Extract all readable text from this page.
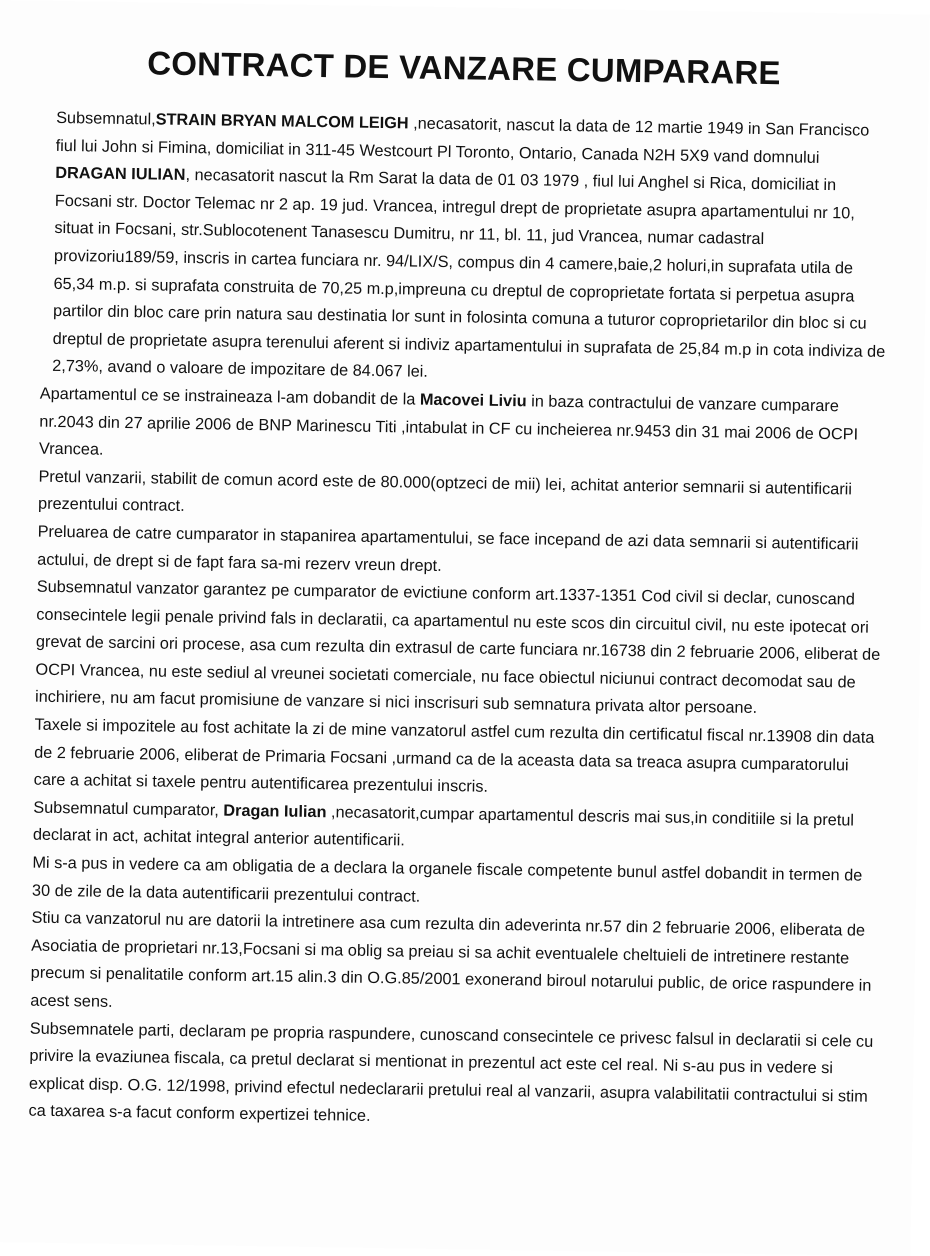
CONTRACT DE VANZARE CUMPARARE

Subsemnatul,STRAIN BRYAN MALCOM LEIGH ,necasatorit, nascut la data de 12 martie 1949 in San Francisco fiul lui John si Fimina, domiciliat in 311-45 Westcourt Pl Toronto, Ontario, Canada N2H 5X9 vand domnului DRAGAN IULIAN, necasatorit nascut la Rm Sarat la data de 01 03 1979 , fiul lui Anghel si Rica, domiciliat in Focsani str. Doctor Telemac nr 2 ap. 19 jud. Vrancea, intregul drept de proprietate asupra apartamentului nr 10, situat in Focsani, str.Sublocotenent Tanasescu Dumitru, nr 11, bl. 11, jud Vrancea, numar cadastral provizoriu189/59, inscris in cartea funciara nr. 94/LIX/S, compus din 4 camere,baie,2 holuri,in suprafata utila de 65,34 m.p. si suprafata construita de 70,25 m.p,impreuna cu dreptul de coproprietate fortata si perpetua asupra partilor din bloc care prin natura sau destinatia lor sunt in folosinta comuna a tuturor coproprietarilor din bloc si cu dreptul de proprietate asupra terenului aferent si indiviz apartamentului in suprafata de 25,84 m.p in cota indiviza de 2,73%, avand o valoare de impozitare de 84.067 lei.

Apartamentul ce se instraineaza l-am dobandit de la Macovei Liviu in baza contractului de vanzare cumparare nr.2043 din 27 aprilie 2006 de BNP Marinescu Titi ,intabulat in CF cu incheierea nr.9453 din 31 mai 2006 de OCPI Vrancea.

Pretul vanzarii, stabilit de comun acord este de 80.000(optzeci de mii) lei, achitat anterior semnarii si autentificarii prezentului contract.

Preluarea de catre cumparator in stapanirea apartamentului, se face incepand de azi data semnarii si autentificarii actului, de drept si de fapt fara sa-mi rezerv vreun drept.

Subsemnatul vanzator garantez pe cumparator de evictiune conform art.1337-1351 Cod civil si declar, cunoscand consecintele legii penale privind fals in declaratii, ca apartamentul nu este scos din circuitul civil, nu este ipotecat ori grevat de sarcini ori procese, asa cum rezulta din extrasul de carte funciara nr.16738 din 2 februarie 2006, eliberat de OCPI Vrancea, nu este sediul al vreunei societati comerciale, nu face obiectul niciunui contract decomodat sau de inchiriere, nu am facut promisiune de vanzare si nici inscrisuri sub semnatura privata altor persoane.

Taxele si impozitele au fost achitate la zi de mine vanzatorul astfel cum rezulta din certificatul fiscal nr.13908 din data de 2 februarie 2006, eliberat de Primaria Focsani ,urmand ca de la aceasta data sa treaca asupra cumparatorului care a achitat si taxele pentru autentificarea prezentului inscris.

Subsemnatul cumparator, Dragan Iulian ,necasatorit,cumpar apartamentul descris mai sus,in conditiile si la pretul declarat in act, achitat integral anterior autentificarii.

Mi s-a pus in vedere ca am obligatia de a declara la organele fiscale competente bunul astfel dobandit in termen de 30 de zile de la data autentificarii prezentului contract.

Stiu ca vanzatorul nu are datorii la intretinere asa cum rezulta din adeverinta nr.57 din 2 februarie 2006, eliberata de Asociatia de proprietari nr.13,Focsani si ma oblig sa preiau si sa achit eventualele cheltuieli de intretinere restante precum si penalitatile conform art.15 alin.3 din O.G.85/2001 exonerand biroul notarului public, de orice raspundere in acest sens.

Subsemnatele parti, declaram pe propria raspundere, cunoscand consecintele ce privesc falsul in declaratii si cele cu privire la evaziunea fiscala, ca pretul declarat si mentionat in prezentul act este cel real. Ni s-au pus in vedere si explicat disp. O.G. 12/1998, privind efectul nedeclararii pretului real al vanzarii, asupra valabilitatii contractului si stim ca taxarea s-a facut conform expertizei tehnice.
